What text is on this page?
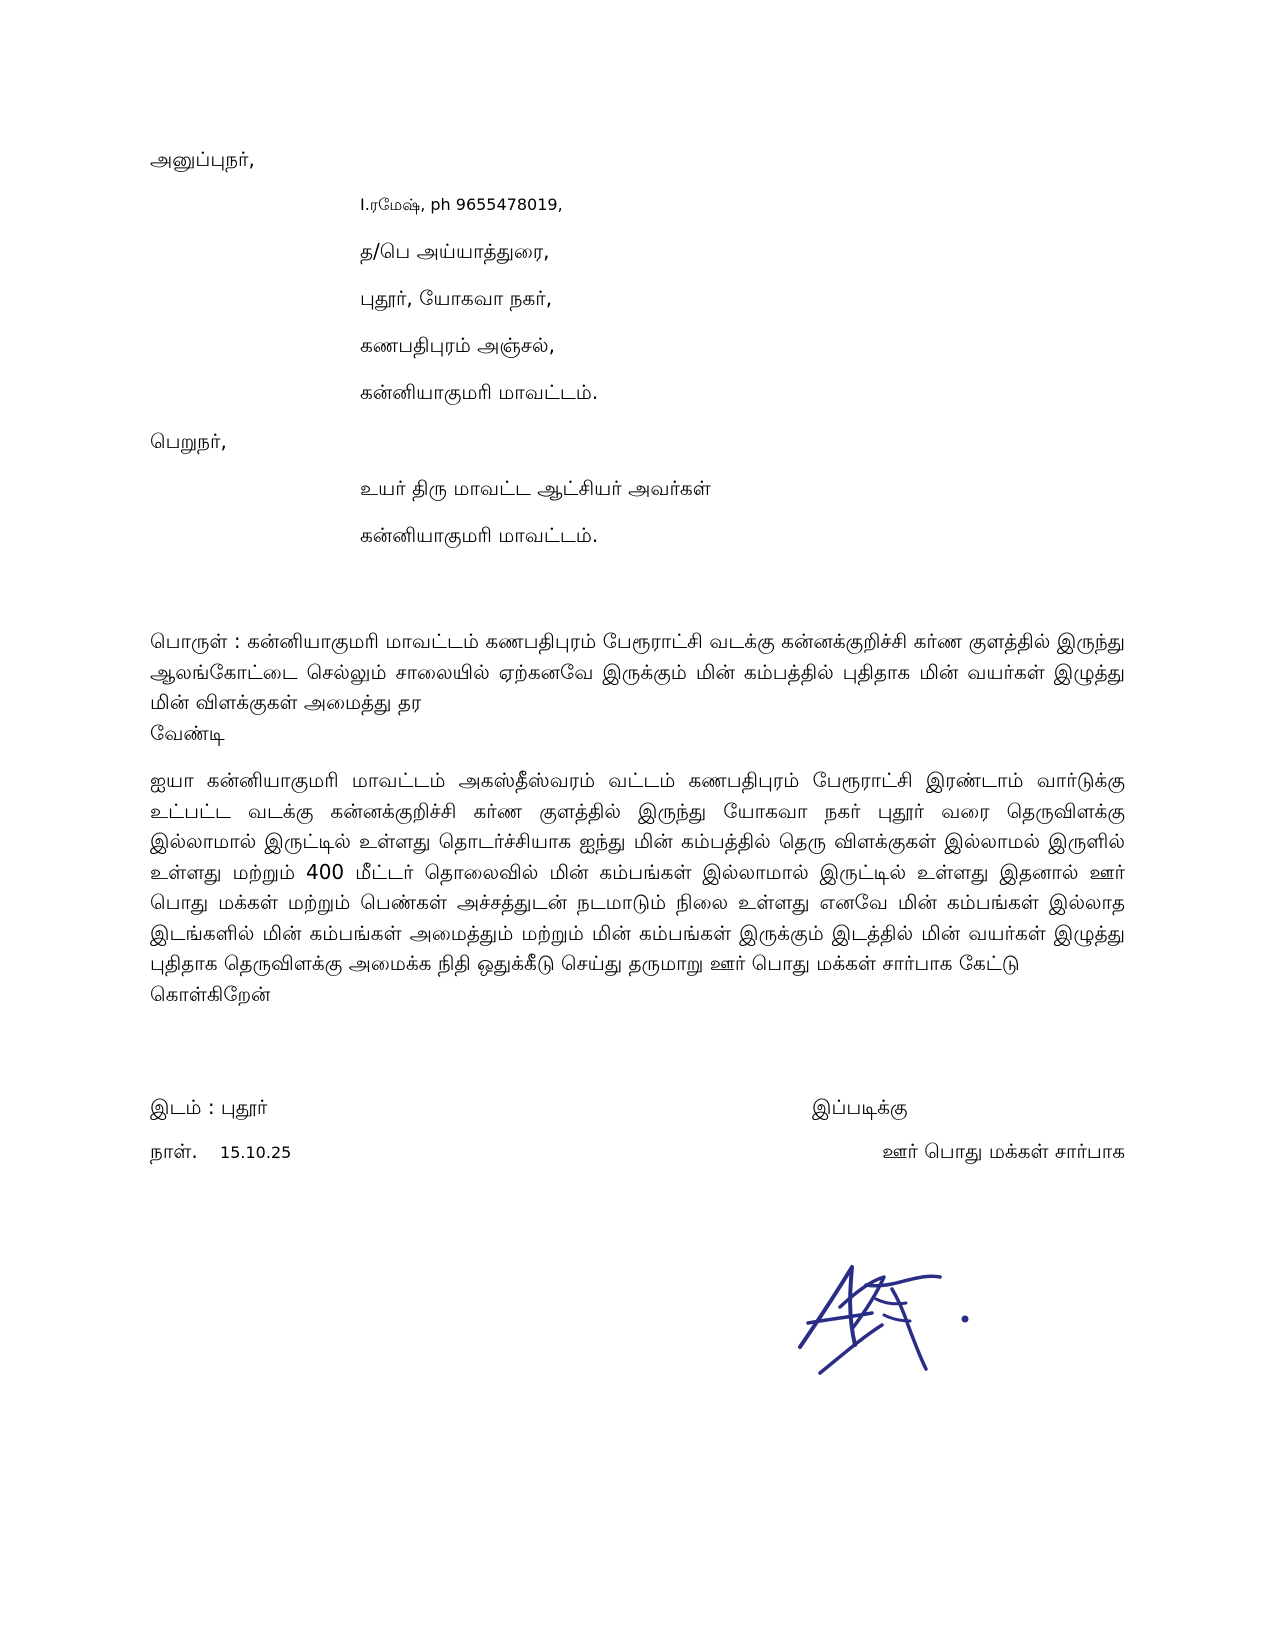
அனுப்புநர்,
I.ரமேஷ், ph 9655478019,
த/பெ அய்யாத்துரை,
புதூர், யோகவா நகர்,
கணபதிபுரம் அஞ்சல்,
கன்னியாகுமரி மாவட்டம்.
பெறுநர்,
உயர் திரு மாவட்ட ஆட்சியர் அவர்கள்
கன்னியாகுமரி மாவட்டம்.
பொருள் : கன்னியாகுமரி மாவட்டம் கணபதிபுரம் பேரூராட்சி வடக்கு கன்னக்குறிச்சி கர்ண குளத்தில் இருந்து ஆலங்கோட்டை செல்லும் சாலையில் ஏற்கனவே இருக்கும் மின் கம்பத்தில் புதிதாக மின் வயர்கள் இழுத்து மின் விளக்குகள் அமைத்து தர
வேண்டி
ஐயா கன்னியாகுமரி மாவட்டம் அகஸ்தீஸ்வரம் வட்டம் கணபதிபுரம் பேரூராட்சி இரண்டாம் வார்டுக்கு உட்பட்ட வடக்கு கன்னக்குறிச்சி கர்ண குளத்தில் இருந்து யோகவா நகர் புதூர் வரை தெருவிளக்கு இல்லாமால் இருட்டில் உள்ளது தொடர்ச்சியாக ஐந்து மின் கம்பத்தில் தெரு விளக்குகள் இல்லாமல் இருளில் உள்ளது மற்றும் 400 மீட்டர் தொலைவில் மின் கம்பங்கள் இல்லாமால் இருட்டில் உள்ளது இதனால் ஊர் பொது மக்கள் மற்றும் பெண்கள் அச்சத்துடன் நடமாடும் நிலை உள்ளது எனவே மின் கம்பங்கள் இல்லாத இடங்களில் மின் கம்பங்கள் அமைத்தும் மற்றும் மின் கம்பங்கள் இருக்கும் இடத்தில் மின் வயர்கள் இழுத்து புதிதாக தெருவிளக்கு அமைக்க நிதி ஒதுக்கீடு செய்து தருமாறு ஊர் பொது மக்கள் சார்பாக கேட்டு
கொள்கிறேன்
இடம் : புதூர்
நாள். 15.10.25
இப்படிக்கு
ஊர் பொது மக்கள் சார்பாக
